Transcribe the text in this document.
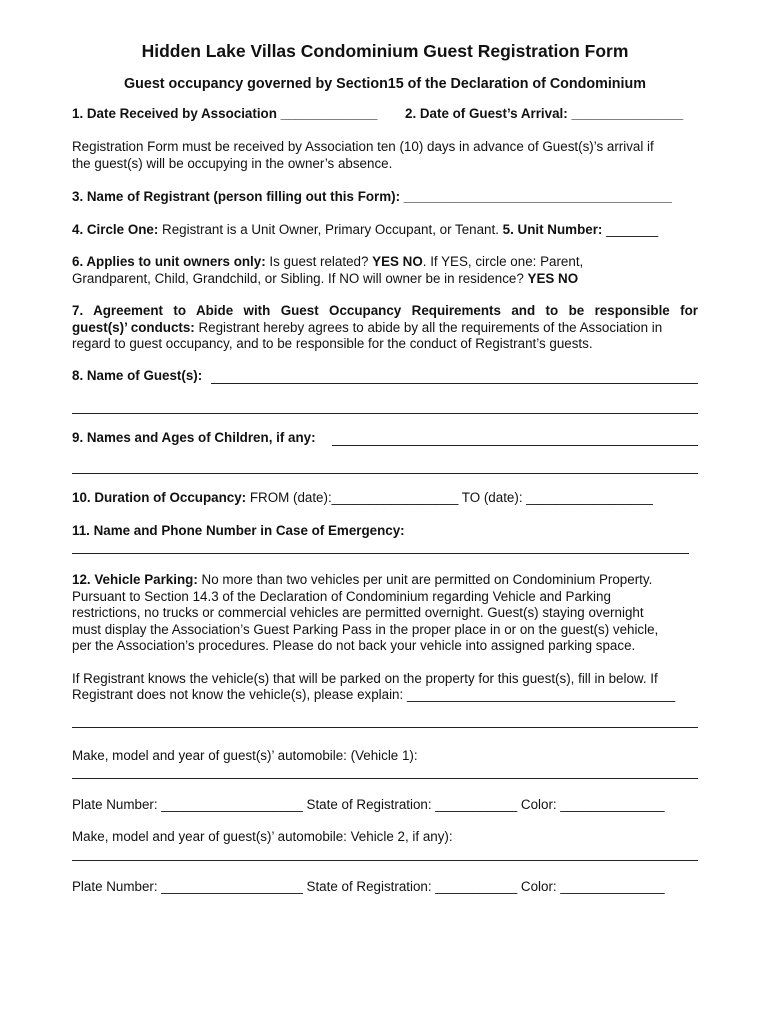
Hidden Lake Villas Condominium Guest Registration Form
Guest occupancy governed by Section15 of the Declaration of Condominium
1. Date Received by Association _____________ 2. Date of Guest’s Arrival: _______________
Registration Form must be received by Association ten (10) days in advance of Guest(s)’s arrival if
the guest(s) will be occupying in the owner’s absence.
3. Name of Registrant (person filling out this Form): ____________________________________
4. Circle One: Registrant is a Unit Owner, Primary Occupant, or Tenant. 5. Unit Number: _______
6. Applies to unit owners only: Is guest related? YES NO. If YES, circle one: Parent,
Grandparent, Child, Grandchild, or Sibling. If NO will owner be in residence? YES NO
7. Agreement to Abide with Guest Occupancy Requirements and to be responsible for
guest(s)’ conducts: Registrant hereby agrees to abide by all the requirements of the Association in
regard to guest occupancy, and to be responsible for the conduct of Registrant’s guests.
8. Name of Guest(s):
9. Names and Ages of Children, if any:
10. Duration of Occupancy: FROM (date):_________________ TO (date): _________________
11. Name and Phone Number in Case of Emergency:
12. Vehicle Parking: No more than two vehicles per unit are permitted on Condominium Property.
Pursuant to Section 14.3 of the Declaration of Condominium regarding Vehicle and Parking
restrictions, no trucks or commercial vehicles are permitted overnight. Guest(s) staying overnight
must display the Association’s Guest Parking Pass in the proper place in or on the guest(s) vehicle,
per the Association’s procedures. Please do not back your vehicle into assigned parking space.
If Registrant knows the vehicle(s) that will be parked on the property for this guest(s), fill in below. If
Registrant does not know the vehicle(s), please explain: ____________________________________
Make, model and year of guest(s)’ automobile: (Vehicle 1):
Plate Number: ___________________ State of Registration: ___________ Color: ______________
Make, model and year of guest(s)’ automobile: Vehicle 2, if any):
Plate Number: ___________________ State of Registration: ___________ Color: ______________
